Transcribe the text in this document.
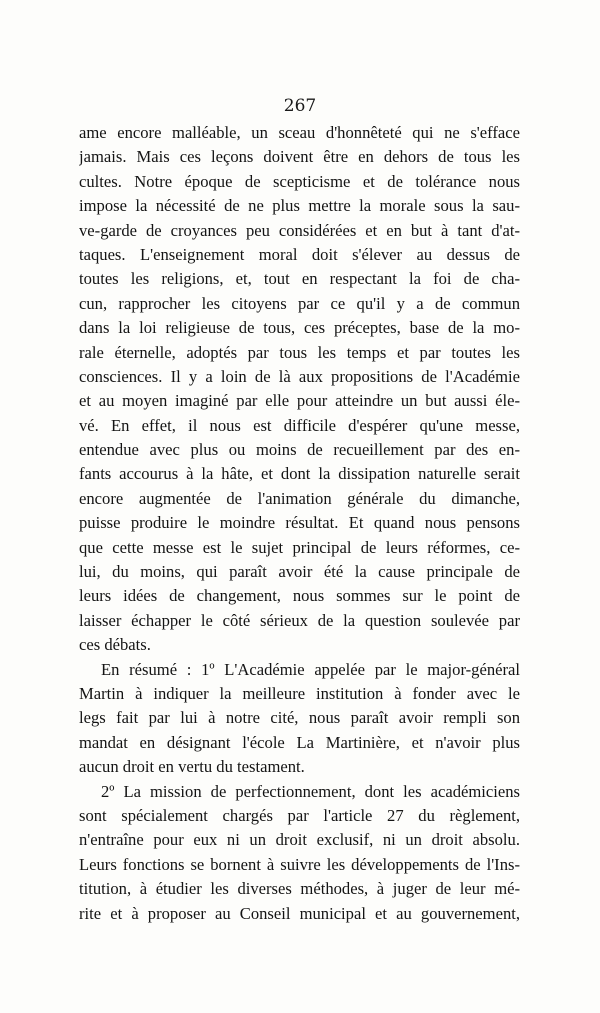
267
ame encore malléable, un sceau d'honnêteté qui ne s'efface
jamais. Mais ces leçons doivent être en dehors de tous les
cultes. Notre époque de scepticisme et de tolérance nous
impose la nécessité de ne plus mettre la morale sous la sau-
ve-garde de croyances peu considérées et en but à tant d'at-
taques. L'enseignement moral doit s'élever au dessus de
toutes les religions, et, tout en respectant la foi de cha-
cun, rapprocher les citoyens par ce qu'il y a de commun
dans la loi religieuse de tous, ces préceptes, base de la mo-
rale éternelle, adoptés par tous les temps et par toutes les
consciences. Il y a loin de là aux propositions de l'Académie
et au moyen imaginé par elle pour atteindre un but aussi éle-
vé. En effet, il nous est difficile d'espérer qu'une messe,
entendue avec plus ou moins de recueillement par des en-
fants accourus à la hâte, et dont la dissipation naturelle serait
encore augmentée de l'animation générale du dimanche,
puisse produire le moindre résultat. Et quand nous pensons
que cette messe est le sujet principal de leurs réformes, ce-
lui, du moins, qui paraît avoir été la cause principale de
leurs idées de changement, nous sommes sur le point de
laisser échapper le côté sérieux de la question soulevée par
ces débats.
En résumé : 1º L'Académie appelée par le major-général
Martin à indiquer la meilleure institution à fonder avec le
legs fait par lui à notre cité, nous paraît avoir rempli son
mandat en désignant l'école La Martinière, et n'avoir plus
aucun droit en vertu du testament.
2º La mission de perfectionnement, dont les académiciens
sont spécialement chargés par l'article 27 du règlement,
n'entraîne pour eux ni un droit exclusif, ni un droit absolu.
Leurs fonctions se bornent à suivre les développements de l'Ins-
titution, à étudier les diverses méthodes, à juger de leur mé-
rite et à proposer au Conseil municipal et au gouvernement,
